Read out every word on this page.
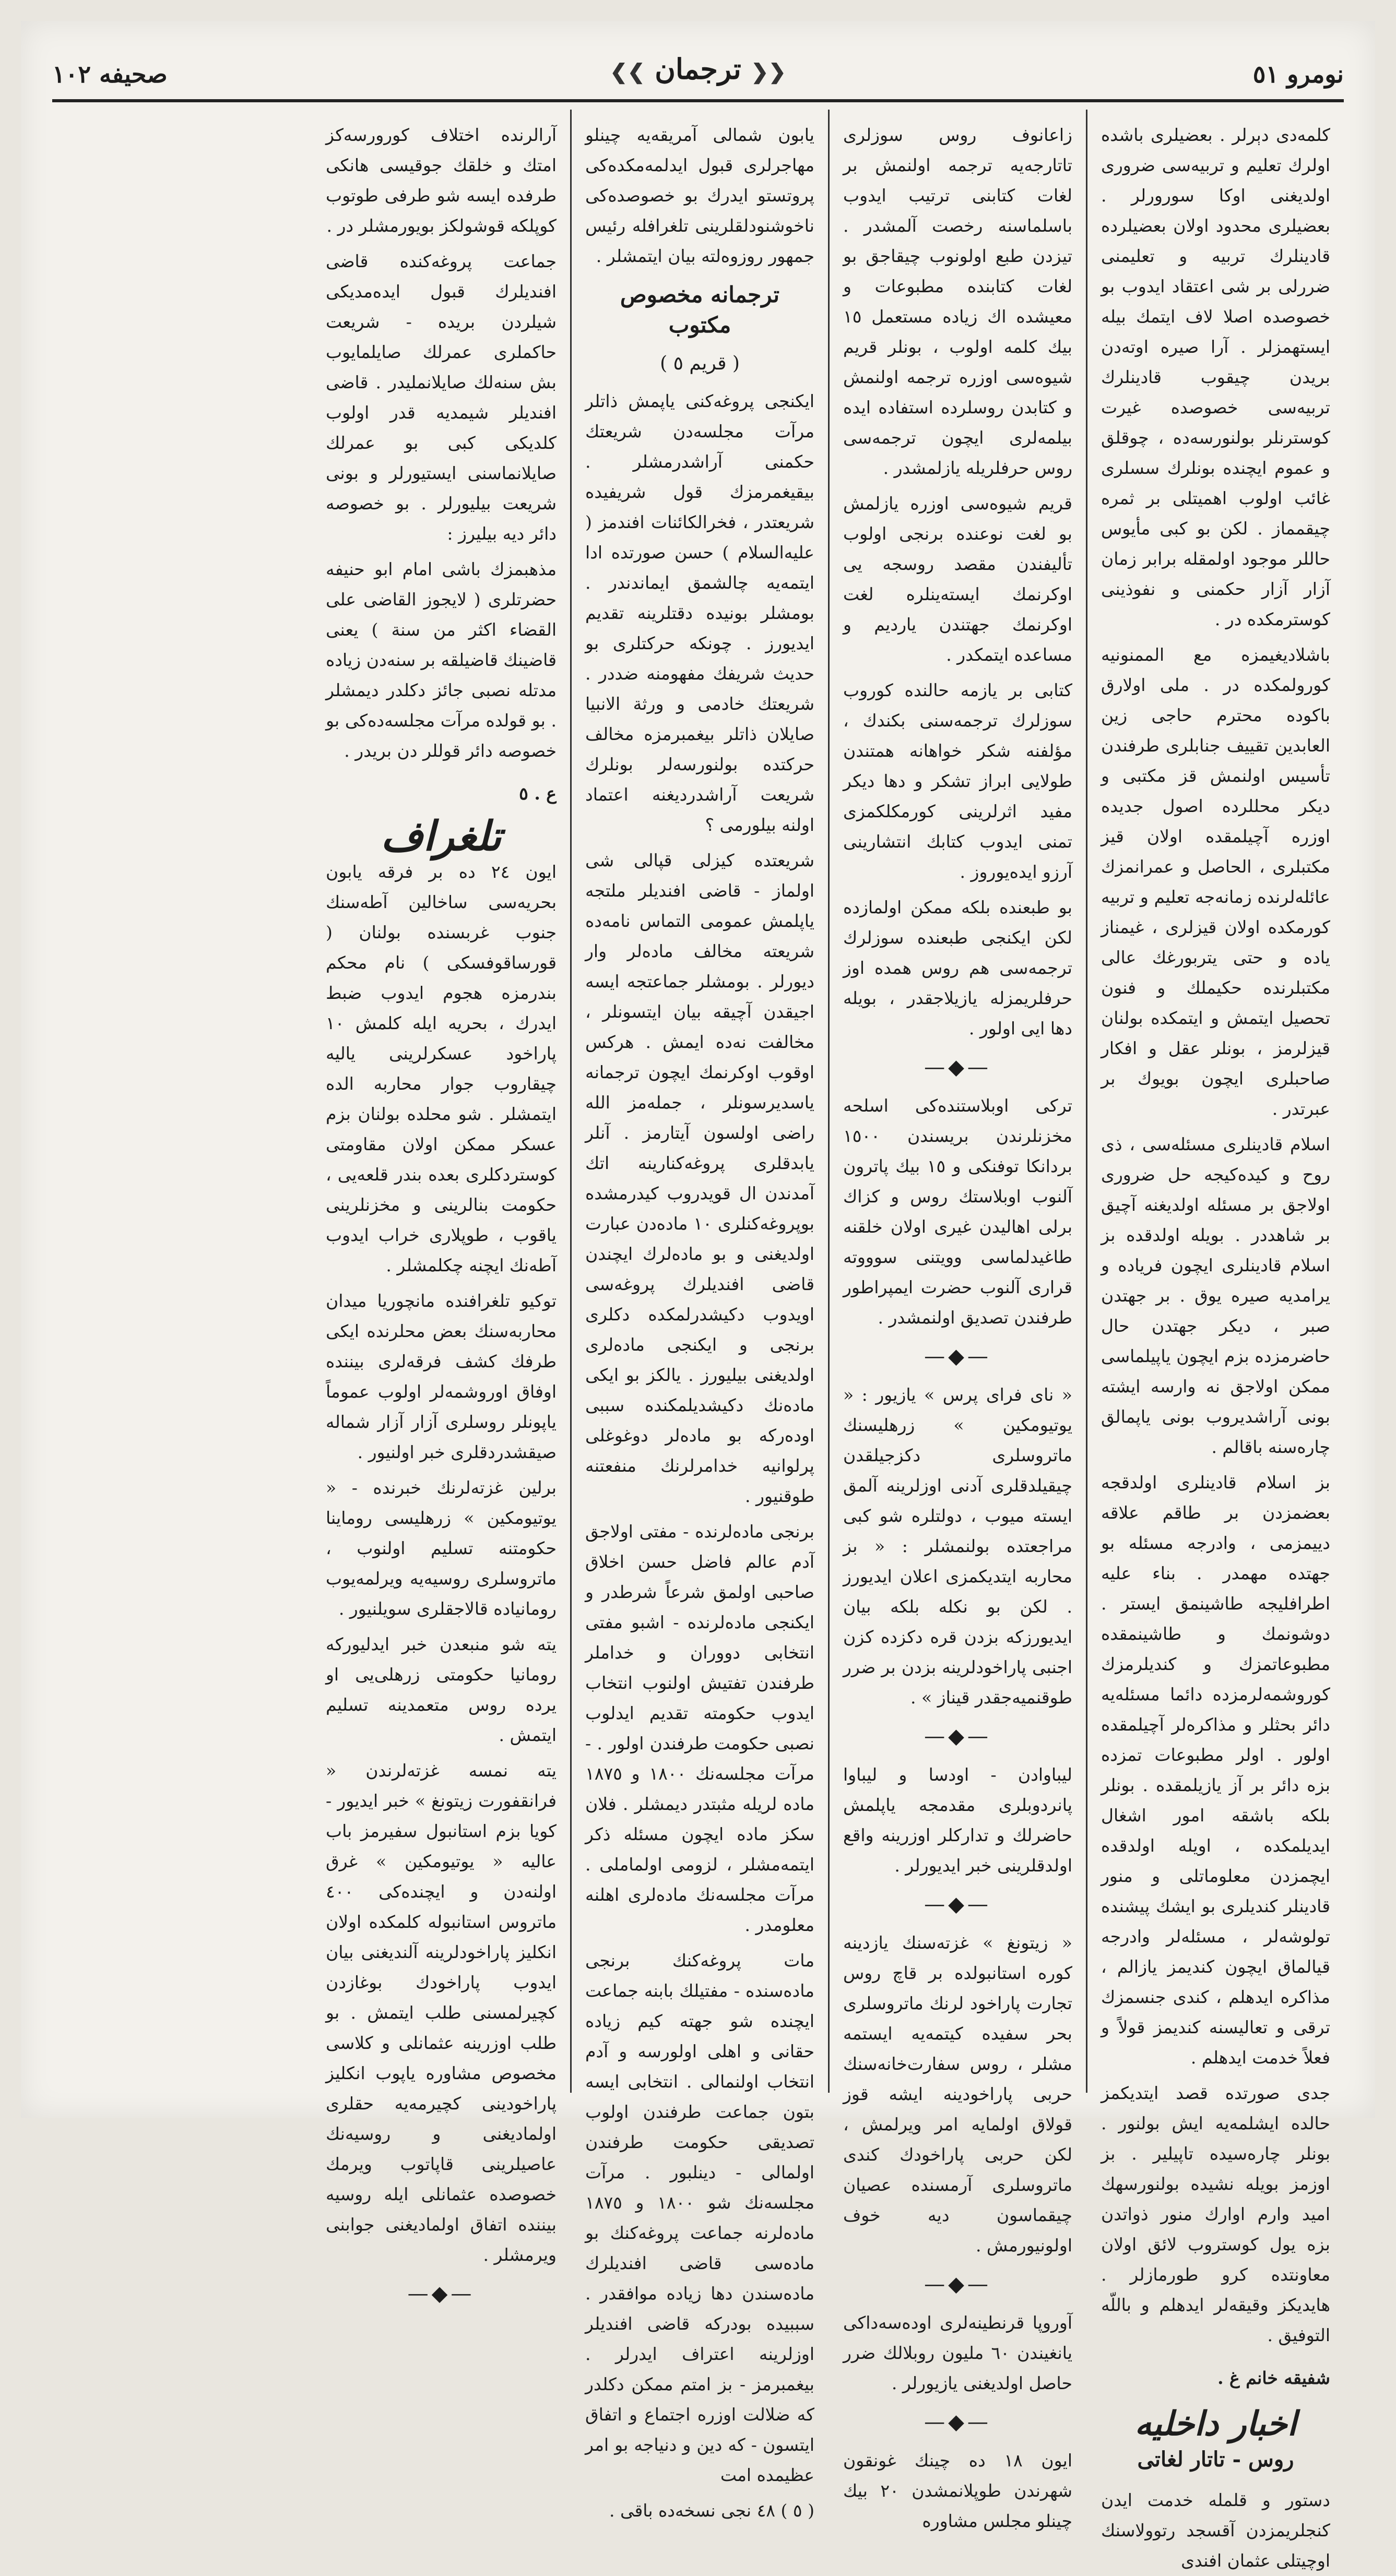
نومرو ٥١
❮❮ ترجمان ❯❯
صحيفه ١٠٢

كلمه‌دى دېرلر . بعضيلرى باشده اولرك تعليم و تربيه‌سى ضرورى اولديغنى اوكا سورورلر . بعضيلرى محدود اولان بعضيلرده قادينلرك تربيه و تعليمنى ضررلى بر شى اعتقاد ايدوب بو خصوصده اصلا لاف ايتمك بيله ايستهمزلر . آرا صيره اوته‌دن بريدن چيقوب قادينلرك تربيه‌سى خصوصده غيرت كوسترنلر بولنورسه‌ده ، چوقلق و عموم ايچنده بونلرك سسلرى غائب اولوب اهميتلى بر ثمره چيقمماز . لكن بو كبى مأيوس حاللر موجود اولمقله برابر زمان آزار آزار حكمنى و نفوذينى كوسترمكده در .

باشلاديغيمزه مع الممنونيه كورولمكده در . ملى اولارق باكوده محترم حاجى زين العابدين تقييف جنابلرى طرفندن تأسيس اولنمش قز مكتبى و ديكر محللرده اصول جديده اوزره آچيلمقده اولان قيز مكتبلرى ، الحاصل و عمرانمزك عائله‌لرنده زمانه‌جه تعليم و تربيه كورمكده اولان قيزلرى ، غيمناز ياده و حتى يتربورغك عالى مكتبلرنده حكيملك و فنون تحصيل ايتمش و ايتمكده بولنان قيزلرمز ، بونلر عقل و افكار صاحبلرى ايچون بويوك بر عبرتدر .

اسلام قادينلرى مسئله‌سى ، ذى روح و كيده‌كيجه حل ضرورى اولاجق بر مسئله اولديغنه آچيق بر شاهددر . بويله اولدقده بز اسلام قادينلرى ايچون فرياده و يرامديه صيره يوق . بر جهتدن صبر ، ديكر جهتدن حال حاضرمزده بزم ايچون ياپيلماسى ممكن اولاجق نه وارسه ايشته بونى آراشديروب بونى ياپمالق چاره‌سنه باقالم .

بز اسلام قادينلرى اولدقجه بعضمزدن بر طاقم علاقه دييمزمى ، وادرجه مسئله بو جهتده مهمدر . بناء عليه اطرافليجه طاشينمق ايستر . دوشونمك و طاشينمقده مطبوعاتمزك و كنديلرمزك كوروشمه‌لرمزده دائما مسئله‌يه دائر بحثلر و مذاكره‌لر آچيلمقده اولور . اولر مطبوعات تمزده بزه دائر بر آز يازيلمقده . بونلر بلكه باشقه امور اشغال ايديلمكده ، اويله اولدقده ايچمزدن معلوماتلى و منور قادينلر كنديلرى بو ايشك پيشنده تولوشه‌لر ، مسئله‌لر وادرجه قيالماق ايچون كنديمز يازالم ، مذاكره ايدهلم ، كندى جنسمزك ترقى و تعاليسنه كنديمز قولاً و فعلاً خدمت ايدهلم .

جدى صورتده قصد ايتديكمز حالده ايشلمه‌يه ايش بولنور . بونلر چاره‌سيده تاپيلير . بز اوزمز بويله نشيده بولنورسهك اميد وارم اوارك منور ذواتدن بزه يول كوستروب لائق اولان معاونتده كرو طورمازلر . هايديكز وقيقه‌لر ايدهلم و باللّه التوفيق .

شفيقه خانم غ .
اخبار داخليه
روس - تاتار لغاتى

دستور و قلمله خدمت ايدن كنجلريمزدن آقسجد رتوولاسنك اوچيتلى عثمان افندى

زاعانوف روس سوزلرى تاتارجه‌يه ترجمه اولنمش بر لغات كتابنى ترتيب ايدوب باسلماسنه رخصت آلمشدر . تيزدن طبع اولونوب چيقاجق بو لغات كتابنده مطبوعات و معيشده اك زياده مستعمل ١٥ بيك كلمه اولوب ، بونلر قريم شيوه‌سى اوزره ترجمه اولنمش و كتابدن روسلرده استفاده ايده بيلمه‌لرى ايچون ترجمه‌سى روس حرفلريله يازلمشدر .

قريم شيوه‌سى اوزره يازلمش بو لغت نوعنده برنجى اولوب تأليفندن مقصد روسجه يى اوكرنمك ايسته‌ينلره لغت اوكرنمك جهتندن يارديم و مساعده ايتمكدر .

كتابى بر يازمه حالنده كوروب سوزلرك ترجمه‌سنى بكندك ، مؤلفنه شكر خواهانه همتندن طولايى ابراز تشكر و دها ديكر مفيد اثرلرينى كورمكلكمزى تمنى ايدوب كتابك انتشارينى آرزو ايده‌يوروز .

بو طبعنده بلكه ممكن اولمازده لكن ايكنجى طبعنده سوزلرك ترجمه‌سى هم روس همده اوز حرفلريمزله يازيلاجقدر ، بويله دها ايى اولور .

—◆—

تركى اوبلاستنده‌كى اسلحه مخزنلرندن بريسندن ١٥٠٠ بردانكا توفنكى و ١٥ بيك پاترون آلنوب اوبلاستك روس و كزاك برلى اهاليدن غيرى اولان خلقنه طاغيدلماسى وويتنى سوووته قرارى آلنوب حضرت ايمپراطور طرفندن تصديق اولنمشدر .

—◆—

« ناى فراى پرس » يازيور : « يوتيومكين » زرهليسنك ماتروسلرى دكزجيلقدن چيقيلدقلرى آدنى اوزلرينه آلمق ايسته ميوب ، دولتلره شو كبى مراجعتده بولنمشلر : « بز محاربه ايتديكمزى اعلان ايديورز . لكن بو نكله بلكه بيان ايديورزكه بزدن قره دكزده كزن اجنبى پاراخودلرينه بزدن بر ضرر طوقنميه‌جقدر قيناز » .

—◆—

ليباوادن - اودسا و ليباوا پانردوبلرى مقدمجه ياپلمش حاضرلك و تداركلر اوزرينه واقع اولدقلرينى خبر ايديورلر .

—◆—

« زيتونغ » غزته‌سنك يازدينه كوره استانبولده بر قاچ روس تجارت پاراخود لرنك ماتروسلرى بحر سفيده كيتمه‌يه ايستمه مشلر ، روس سفارت‌خانه‌سنك حربى پاراخودينه ايشه قوز قولاق اولمايه امر ويرلمش ، لكن حربى پاراخودك كندى ماتروسلرى آرمسنده عصيان چيقماسون ديه خوف اولونيورمش .

—◆—

آوروپا قرنطينه‌لرى اوده‌سه‌دا‌كى يانغيندن ٦٠ مليون روبلالك ضرر حاصل اولديغنى يازيورلر .

—◆—

ايون ١٨ ده چينك غونقون شهرندن طوپلانمشدن ٢٠ بيك چينلو مجلس مشاوره

يابون شمالى آمريقه‌يه چينلو مهاجرلرى قبول ايدلمه‌مكده‌كى پروتستو ايدرك بو خصوصده‌كى ناخوشنودلقلرينى تلغرافله رئيس جمهور روزوه‌لته بيان ايتمشلر .

ترجمانه مخصوص مكتوب
( قريم ٥ )

ايكنجى پروغه‌كنى ياپمش ذاتلر مرآت مجلسه‌دن شريعتك حكمنى آراشدرمشلر . بيقيغمرمزك قول شريفيده شريعتدر ، فخرالكائنات افندمز ( عليه‌السلام ) حسن صورتده ادا ايتمه‌يه چالشمق ايماندندر . بومشلر بونيده دقتلرينه تقديم ايديورز . چونكه حركتلرى بو حديث شريفك مفهومنه ضددر . شريعتك خادمى و ورثة الانبيا صايلان ذاتلر بيغمبرمزه مخالف حركتده بولنورسه‌لر بونلرك شريعت آراشدرديغنه اعتماد اولنه بيلورمى ؟

شريعتده كيزلى قپالى شى اولماز - قاضى افنديلر ملتجه ياپلمش عمومى التماس نامه‌ده شريعته مخالف ماده‌لر وار ديورلر . بومشلر جماعتجه ايسه اجيقدن آچيقه بيان ايتسونلر ، مخالفت نه‌ده ايمش . هركس اوقوب اوكرنمك ايچون ترجمانه ياسديرسونلر ، جمله‌مز الله راضى اولسون آيتارمز . آنلر يابدقلرى پروغه‌كنارينه اتك آمدندن ال قويدروب كيدرمشده بوپروغه‌كنلرى ١٠ ماده‌دن عبارت اولديغنى و بو ماده‌لرك ايچندن قاضى افنديلرك پروغه‌سى اويدوب دكيشدرلمكده دكلرى برنجى و ايكنجى ماده‌لرى اولديغنى بيليورز . يالكز بو ايكى ماده‌نك دكيشديلمكنده سببى اوده‌ركه بو ماده‌لر دوغوغلى پرلوانيه خدامرلرنك منفعتنه طوقنيور .

برنجى ماده‌لرنده - مفتى اولاجق آدم عالم فاضل حسن اخلاق صاحبى اولمق شرعاً شرطدر و ايكنجى ماده‌لرنده - اشبو مفتى انتخابى دووران و خداملر طرفندن تفتيش اولنوب انتخاب ايدوب حكومته تقديم ايدلوب نصبى حكومت طرفندن اولور . - مرآت مجلسه‌نك ١٨٠٠ و ١٨٧٥ ماده لريله مثبتدر ديمشلر . فلان سكز ماده ايچون مسئله ذكر ايتمه‌مشلر ، لزومى اولماملى . مرآت مجلسه‌نك ماده‌لرى اهلنه معلومدر .

مات پروغه‌كنك برنجى ماده‌سنده - مفتيلك بابنه جماعت ايچنده شو جهته كيم زياده حقانى و اهلى اولورسه و آدم انتخاب اولنمالى . انتخابى ايسه بتون جماعت طرفندن اولوب تصديقى حكومت طرفندن اولمالى - دينلبور . مرآت مجلسه‌نك شو ١٨٠٠ و ١٨٧٥ ماده‌لرنه جماعت پروغه‌كنك بو ماده‌سى قاضى افنديلرك ماده‌سندن دها زياده موافقدر . سببيده بودركه قاضى افنديلر اوزلرينه اعتراف ايدرلر . بيغمبرمز - بز امتم ممكن دكلدر كه ضلالت اوزره اجتماع و اتفاق ايتسون - كه دين و دنياجه بو امر عظيمده امت

( ٥ ) ٤٨ نجى نسخه‌ده باقى .

آرالرنده اختلاف كورورسه‌كز امتك و خلقك جوقيسى هانكى طرفده ايسه شو طرفى طوتوب كوپلكه قوشولكز بويورمشلر در .

جماعت پروغه‌كنده قاضى افنديلرك قبول ايده‌مديكى شيلردن بريده - شريعت حاكملرى عمرلك صايلمايوب بش سنه‌لك صايلانمليدر . قاضى افنديلر شيمديه قدر اولوب كلديكى كبى بو عمرلك صايلانماسنى ايستيورلر و بونى شريعت بيليورلر . بو خصوصه دائر ديه بيليرز :

مذهبمزك باشى امام ابو حنيفه حضرتلرى ( لايجوز القاضى على القضاء اكثر من سنة ) يعنى قاضينك قاضيلقه بر سنه‌دن زياده مدتله نصبى جائز دكلدر ديمشلر . بو قولده مرآت مجلسه‌ده‌كى بو خصوصه دائر قوللر دن بريدر .

ع . ٥
تلغراف

ايون ٢٤ ده بر فرقه يابون بحريه‌سى ساخالين آطه‌سنك جنوب غربسنده بولنان ( قورساقوفسكى ) نام محكم بندرمزه هجوم ايدوب ضبط ايدرك ، بحريه ايله كلمش ١٠ پاراخود عسكرلرينى ياليه چيقاروب جوار محاربه الده ايتمشلر . شو محلده بولنان بزم عسكر ممكن اولان مقاومتى كوستردكلرى بعده بندر قلعه‌يى ، حكومت بنالرينى و مخزنلرينى ياقوب ، طوپلارى خراب ايدوب آطه‌نك ايچنه چكلمشلر .

توكيو تلغرافنده مانچوريا ميدان محاربه‌سنك بعض محلرنده ايكى طرفك كشف فرقه‌لرى بيننده اوفاق اوروشمه‌لر اولوب عموماً ياپونلر روسلرى آزار آزار شماله صيقشدردقلرى خبر اولنيور .

برلين غزته‌لرنك خبرنده - « يوتيومكين » زرهليسى روماينا حكومتنه تسليم اولنوب ، ماتروسلرى روسيه‌يه ويرلمه‌يوب رومانياده قالاجقلرى سويلنيور .

يته شو منبعدن خبر ايدليوركه رومانيا حكومتى زرهلى‌يى او يرده روس متعمدينه تسليم ايتمش .

يته نمسه غزته‌لرندن « فرانقفورت زيتونغ » خبر ايديور - كويا بزم استانبول سفيرمز باب عاليه « يوتيومكين » غرق اولنه‌دن و ايچنده‌كى ٤٠٠ ماتروس استانبوله كلمكده اولان انكليز پاراخودلرينه آلنديغنى بيان ايدوب پاراخودك بوغازدن كچيرلمسنى طلب ايتمش . بو طلب اوزرينه عثمانلى و كلاسى مخصوص مشاوره ياپوب انكليز پاراخودينى كچيرمه‌يه حقلرى اولماديغنى و روسيه‌نك عاصيلرينى قاپاتوب ويرمك خصوصده عثمانلى ايله روسيه بيننده اتفاق اولماديغنى جوابنى ويرمشلر .

—◆—
